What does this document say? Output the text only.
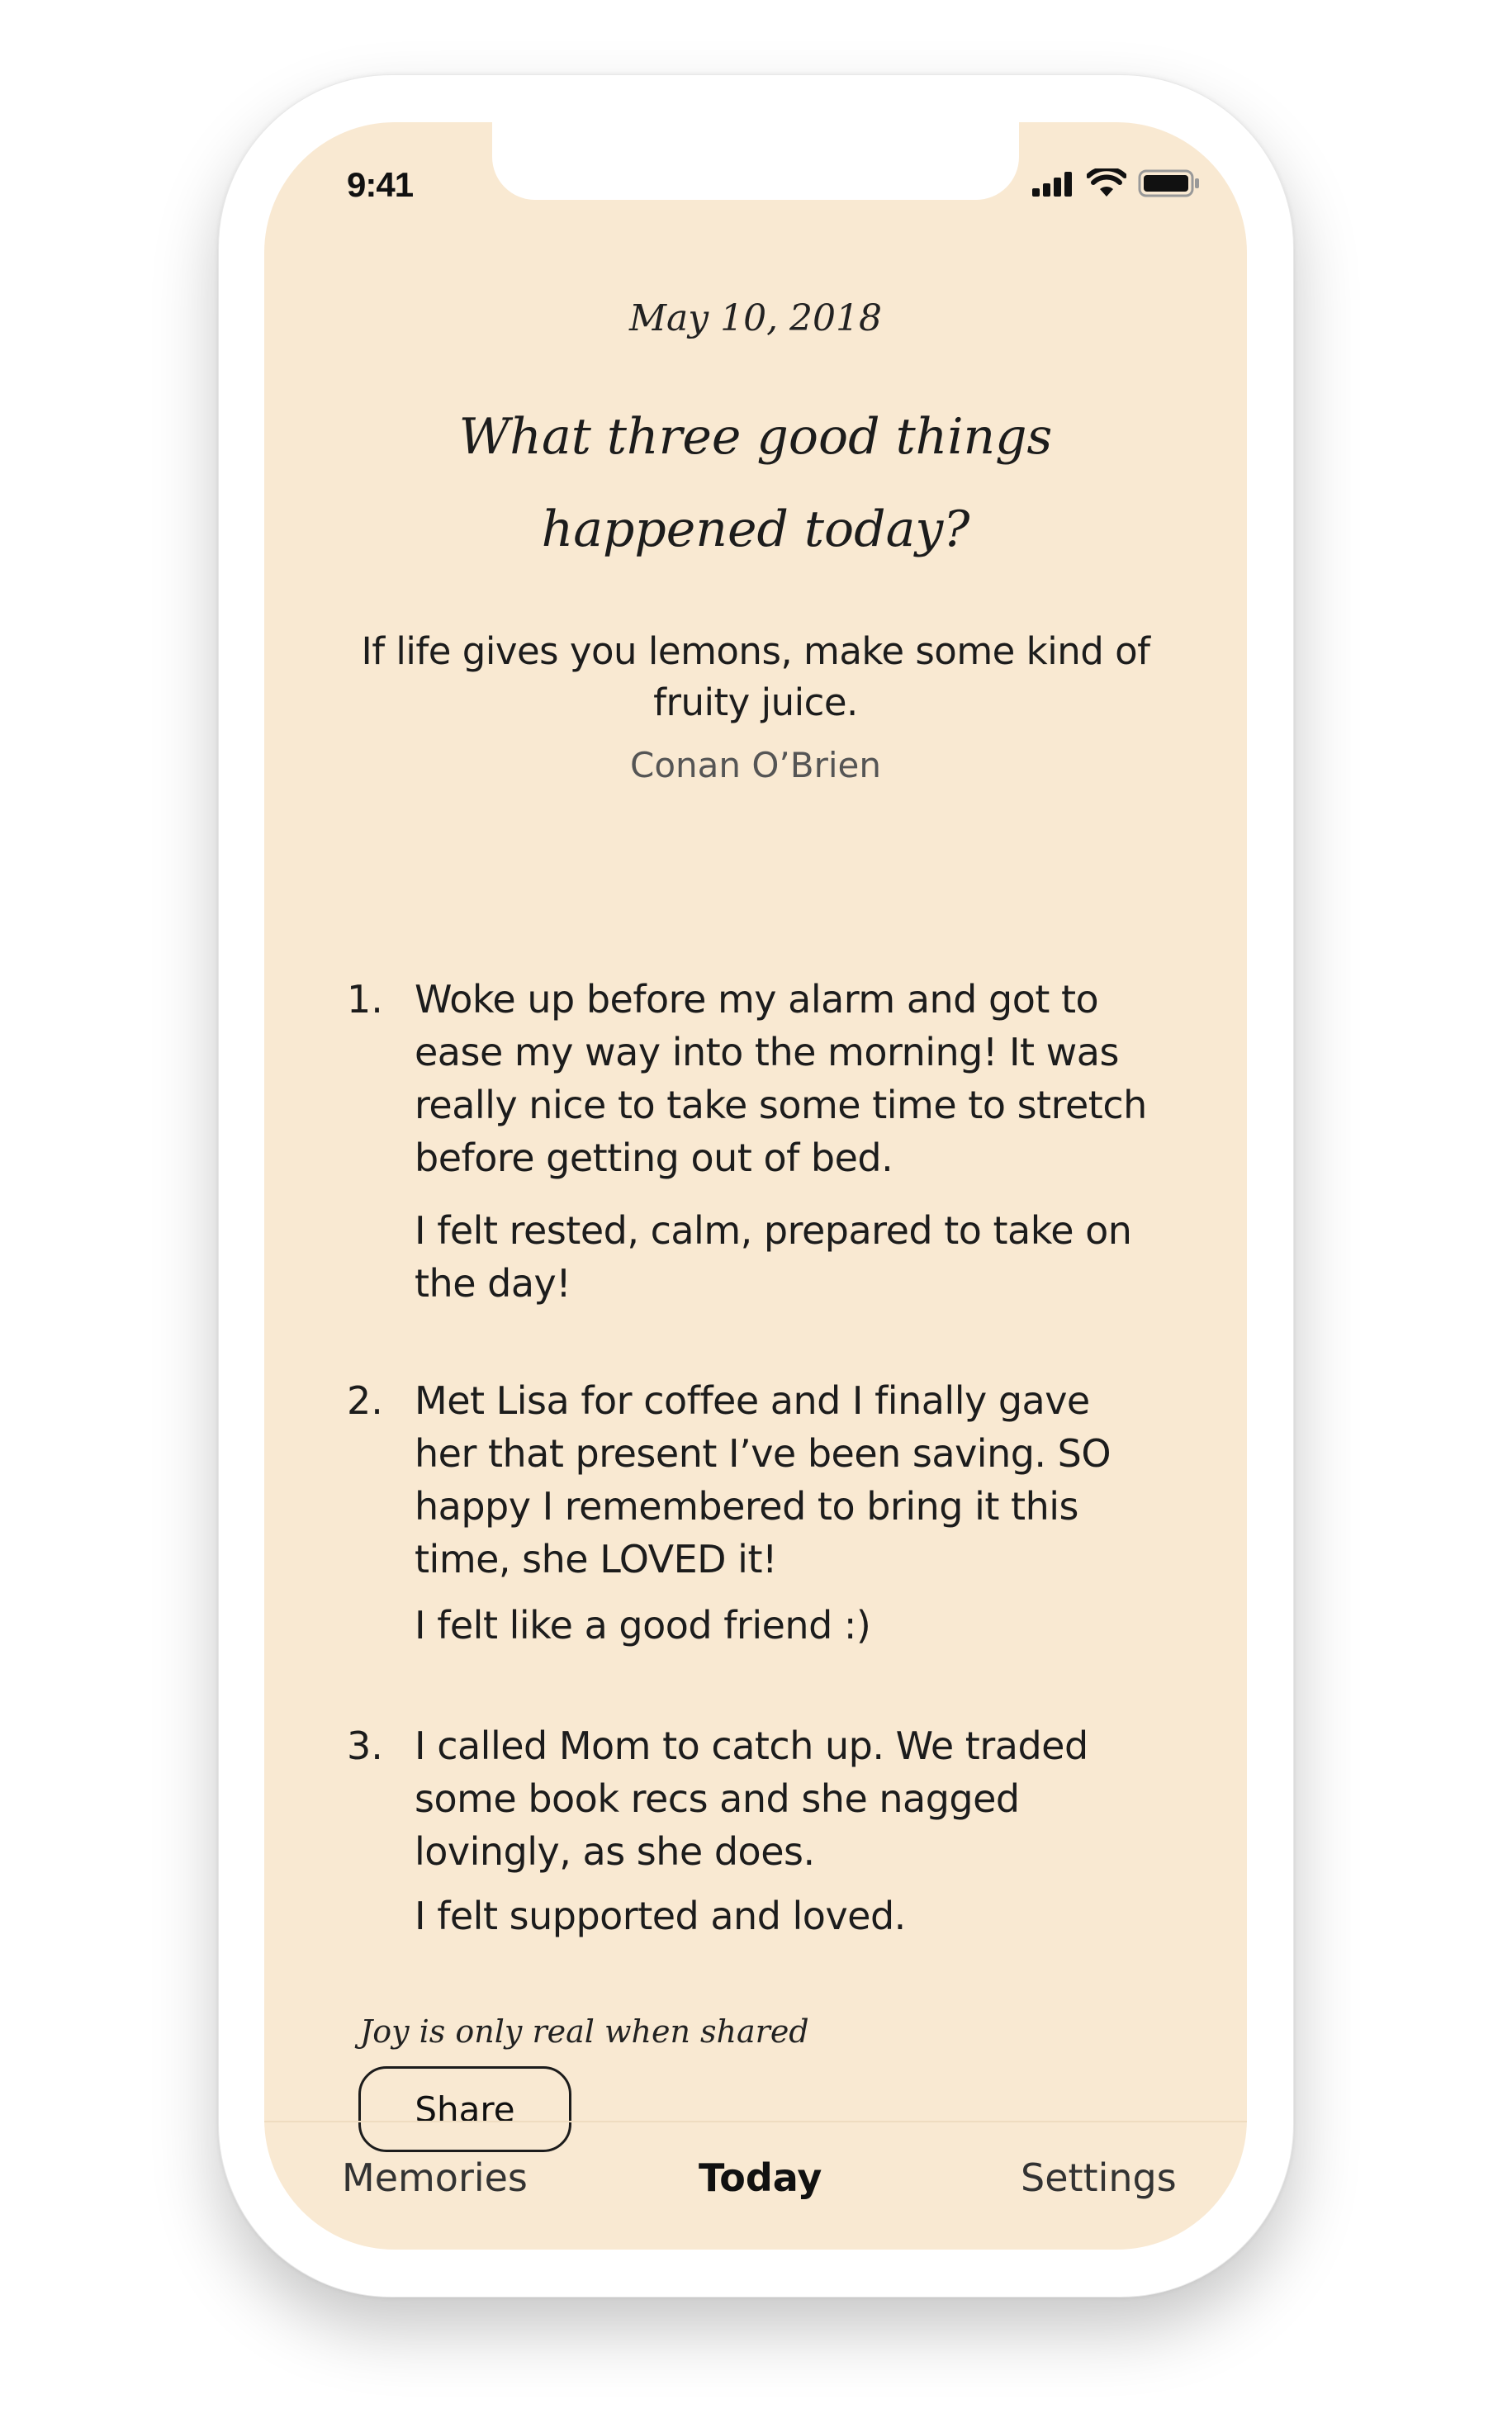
9:41
May 10, 2018
What three good things
happened today?
If life gives you lemons, make some kind of fruity juice.
Conan O’Brien
1. Woke up before my alarm and got to ease my way into the morning! It was really nice to take some time to stretch before getting out of bed.
I felt rested, calm, prepared to take on the day!
2. Met Lisa for coffee and I finally gave her that present I’ve been saving. SO happy I remembered to bring it this time, she LOVED it!
I felt like a good friend :)
3. I called Mom to catch up. We traded some book recs and she nagged lovingly, as she does.
I felt supported and loved.
Joy is only real when shared
Share
Memories	Today	Settings
